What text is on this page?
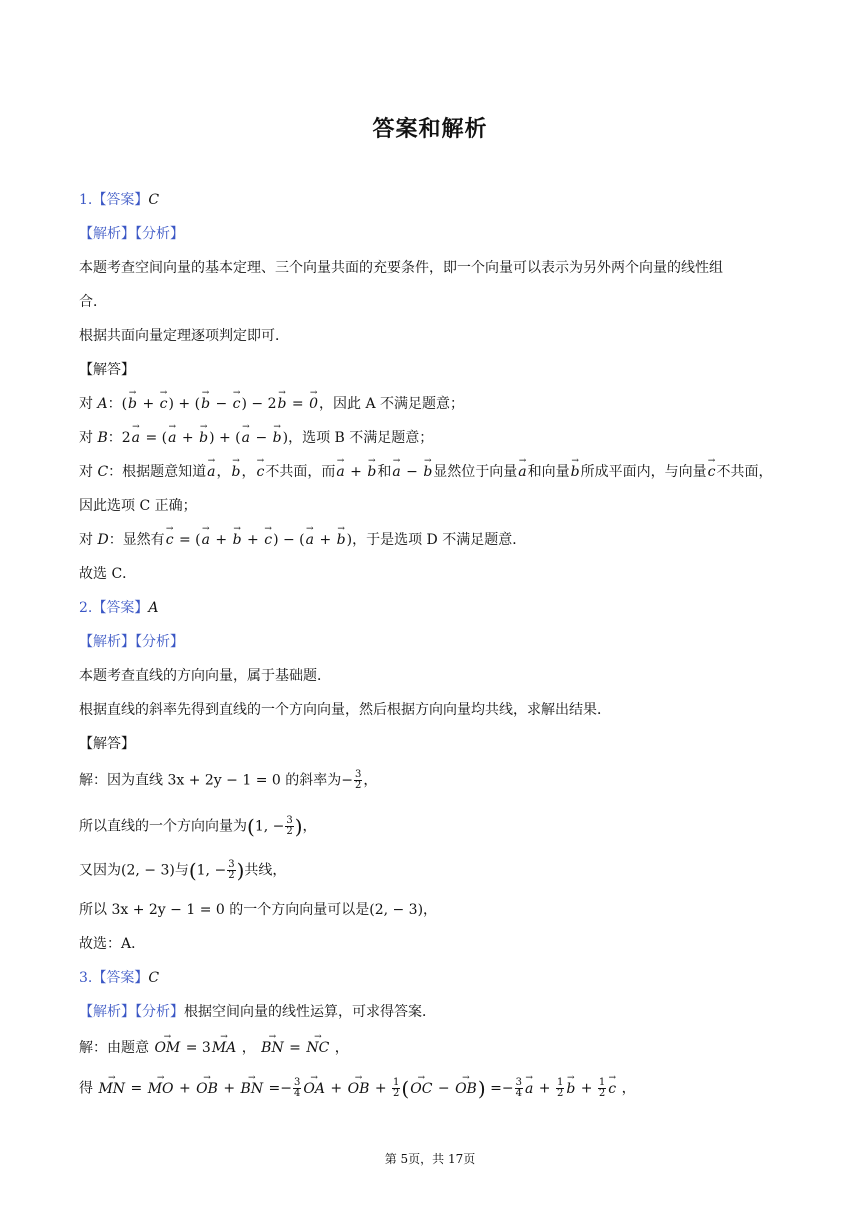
答案和解析
1.【答案】C
【解析】【分析】
本题考查空间向量的基本定理、三个向量共面的充要条件，即一个向量可以表示为另外两个向量的线性组
合．
根据共面向量定理逐项判定即可．
【解答】
对 A：(→ b + → c) + (→ b − → c) − 2→ b = → 0，因此 A 不满足题意；
对 B：2→ a = (→ a + → b) + (→ a − → b)，选项 B 不满足题意；
对 C：根据题意知道→ a，→ b，→ c不共面，而→ a + → b和→ a − → b显然位于向量→ a和向量→ b所成平面内，与向量→ c不共面，
因此选项 C 正确；
对 D：显然有→ c = (→ a + → b + → c) − (→ a + → b)，于是选项 D 不满足题意．
故选 C．
2.【答案】A
【解析】【分析】
本题考查直线的方向向量，属于基础题．
根据直线的斜率先得到直线的一个方向向量，然后根据方向向量均共线，求解出结果．
【解答】
解：因为直线 3x + 2y − 1 = 0 的斜率为− $\frac{3}{2}$ ，
所以直线的一个方向向量为(1, − $\frac{3}{2}$ )，
又因为(2, − 3)与(1, − $\frac{3}{2}$ )共线，
所以 3x + 2y − 1 = 0 的一个方向向量可以是(2, − 3)，
故选：A．
3.【答案】C
【解析】【分析】根据空间向量的线性运算，可求得答案．
解：由题意 → OM = 3→ MA ， → BN = → NC ，
得 → MN = → MO + → OB + → BN =− $\frac{3}{4}$ → OA + → OB + $\frac{1}{2}$ (→ OC − → $OB) =- \frac{3}{4} \to a + \frac{1}{2} \to b + \frac{1}{2} \to c$ ，
第 5页，共 17页
